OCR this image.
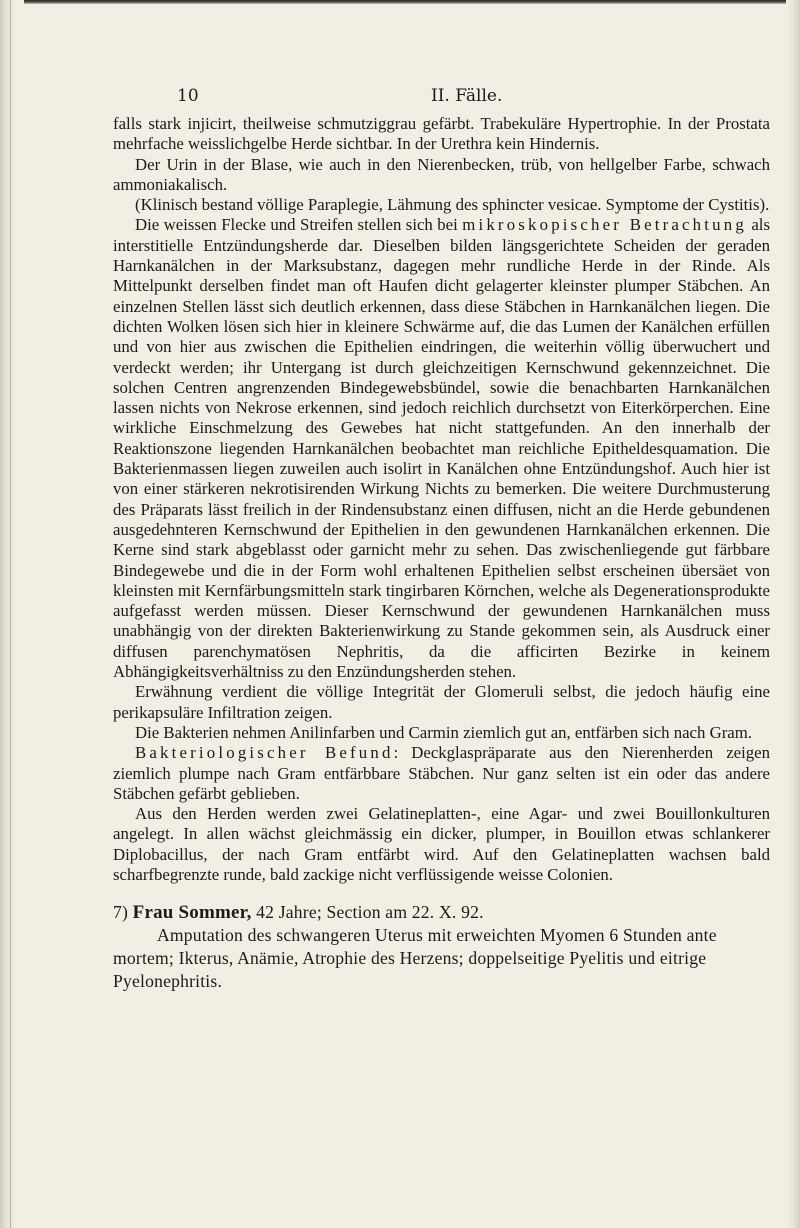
10	II. Fälle.

falls stark injicirt, theilweise schmutziggrau gefärbt. Trabekuläre Hypertrophie. In der Prostata mehrfache weisslichgelbe Herde sichtbar. In der Urethra kein Hindernis.

Der Urin in der Blase, wie auch in den Nierenbecken, trüb, von hellgelber Farbe, schwach ammoniakalisch.

(Klinisch bestand völlige Paraplegie, Lähmung des sphincter vesicae. Symptome der Cystitis).

Die weissen Flecke und Streifen stellen sich bei mikroskopischer Betrachtung als interstitielle Entzündungsherde dar. Dieselben bilden längsgerichtete Scheiden der geraden Harnkanälchen in der Marksubstanz, dagegen mehr rundliche Herde in der Rinde. Als Mittelpunkt derselben findet man oft Haufen dicht gelagerter kleinster plumper Stäbchen. An einzelnen Stellen lässt sich deutlich erkennen, dass diese Stäbchen in Harnkanälchen liegen. Die dichten Wolken lösen sich hier in kleinere Schwärme auf, die das Lumen der Kanälchen erfüllen und von hier aus zwischen die Epithelien eindringen, die weiterhin völlig überwuchert und verdeckt werden; ihr Untergang ist durch gleichzeitigen Kernschwund gekennzeichnet. Die solchen Centren angrenzenden Bindegewebsbündel, sowie die benachbarten Harnkanälchen lassen nichts von Nekrose erkennen, sind jedoch reichlich durchsetzt von Eiterkörperchen. Eine wirkliche Einschmelzung des Gewebes hat nicht stattgefunden. An den innerhalb der Reaktionszone liegenden Harnkanälchen beobachtet man reichliche Epitheldesquamation. Die Bakterienmassen liegen zuweilen auch isolirt in Kanälchen ohne Entzündungshof. Auch hier ist von einer stärkeren nekrotisirenden Wirkung Nichts zu bemerken. Die weitere Durchmusterung des Präparats lässt freilich in der Rindensubstanz einen diffusen, nicht an die Herde gebundenen ausgedehnteren Kernschwund der Epithelien in den gewundenen Harnkanälchen erkennen. Die Kerne sind stark abgeblasst oder garnicht mehr zu sehen. Das zwischenliegende gut färbbare Bindegewebe und die in der Form wohl erhaltenen Epithelien selbst erscheinen übersäet von kleinsten mit Kernfärbungsmitteln stark tingirbaren Körnchen, welche als Degenerationsprodukte aufgefasst werden müssen. Dieser Kernschwund der gewundenen Harnkanälchen muss unabhängig von der direkten Bakterienwirkung zu Stande gekommen sein, als Ausdruck einer diffusen parenchymatösen Nephritis, da die afficirten Bezirke in keinem Abhängigkeitsverhältniss zu den Enzündungsherden stehen.

Erwähnung verdient die völlige Integrität der Glomeruli selbst, die jedoch häufig eine perikapsuläre Infiltration zeigen.

Die Bakterien nehmen Anilinfarben und Carmin ziemlich gut an, entfärben sich nach Gram.

Bakteriologischer Befund: Deckglaspräparate aus den Nierenherden zeigen ziemlich plumpe nach Gram entfärbbare Stäbchen. Nur ganz selten ist ein oder das andere Stäbchen gefärbt geblieben.

Aus den Herden werden zwei Gelatineplatten-, eine Agar- und zwei Bouillonkulturen angelegt. In allen wächst gleichmässig ein dicker, plumper, in Bouillon etwas schlankerer Diplobacillus, der nach Gram entfärbt wird. Auf den Gelatineplatten wachsen bald scharfbegrenzte runde, bald zackige nicht verflüssigende weisse Colonien.

7) Frau Sommer, 42 Jahre; Section am 22. X. 92.

Amputation des schwangeren Uterus mit erweichten Myomen 6 Stunden ante mortem; Ikterus, Anämie, Atrophie des Herzens; doppelseitige Pyelitis und eitrige Pyelonephritis.
